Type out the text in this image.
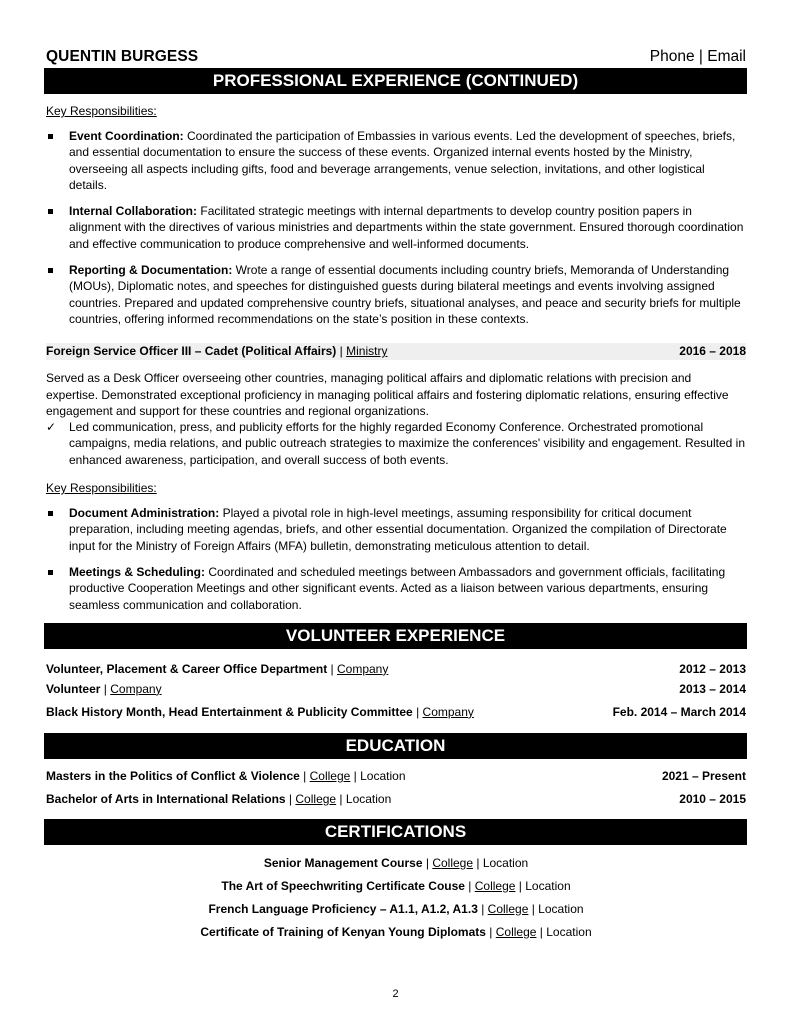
QUENTIN BURGESS	Phone | Email
PROFESSIONAL EXPERIENCE (CONTINUED)
Key Responsibilities:
Event Coordination: Coordinated the participation of Embassies in various events. Led the development of speeches, briefs, and essential documentation to ensure the success of these events. Organized internal events hosted by the Ministry, overseeing all aspects including gifts, food and beverage arrangements, venue selection, invitations, and other logistical details.
Internal Collaboration: Facilitated strategic meetings with internal departments to develop country position papers in alignment with the directives of various ministries and departments within the state government. Ensured thorough coordination and effective communication to produce comprehensive and well-informed documents.
Reporting & Documentation: Wrote a range of essential documents including country briefs, Memoranda of Understanding (MOUs), Diplomatic notes, and speeches for distinguished guests during bilateral meetings and events involving assigned countries. Prepared and updated comprehensive country briefs, situational analyses, and peace and security briefs for multiple countries, offering informed recommendations on the state’s position in these contexts.
Foreign Service Officer III – Cadet (Political Affairs) | Ministry	2016 – 2018
Served as a Desk Officer overseeing other countries, managing political affairs and diplomatic relations with precision and expertise. Demonstrated exceptional proficiency in managing political affairs and fostering diplomatic relations, ensuring effective engagement and support for these countries and regional organizations.
✓ Led communication, press, and publicity efforts for the highly regarded Economy Conference. Orchestrated promotional campaigns, media relations, and public outreach strategies to maximize the conferences' visibility and engagement. Resulted in enhanced awareness, participation, and overall success of both events.
Key Responsibilities:
Document Administration: Played a pivotal role in high-level meetings, assuming responsibility for critical document preparation, including meeting agendas, briefs, and other essential documentation. Organized the compilation of Directorate input for the Ministry of Foreign Affairs (MFA) bulletin, demonstrating meticulous attention to detail.
Meetings & Scheduling: Coordinated and scheduled meetings between Ambassadors and government officials, facilitating productive Cooperation Meetings and other significant events. Acted as a liaison between various departments, ensuring seamless communication and collaboration.
VOLUNTEER EXPERIENCE
Volunteer, Placement & Career Office Department | Company	2012 – 2013
Volunteer | Company	2013 – 2014
Black History Month, Head Entertainment & Publicity Committee | Company	Feb. 2014 – March 2014
EDUCATION
Masters in the Politics of Conflict & Violence | College | Location	2021 – Present
Bachelor of Arts in International Relations | College | Location	2010 – 2015
CERTIFICATIONS
Senior Management Course | College | Location
The Art of Speechwriting Certificate Couse | College | Location
French Language Proficiency – A1.1, A1.2, A1.3 | College | Location
Certificate of Training of Kenyan Young Diplomats | College | Location
2
